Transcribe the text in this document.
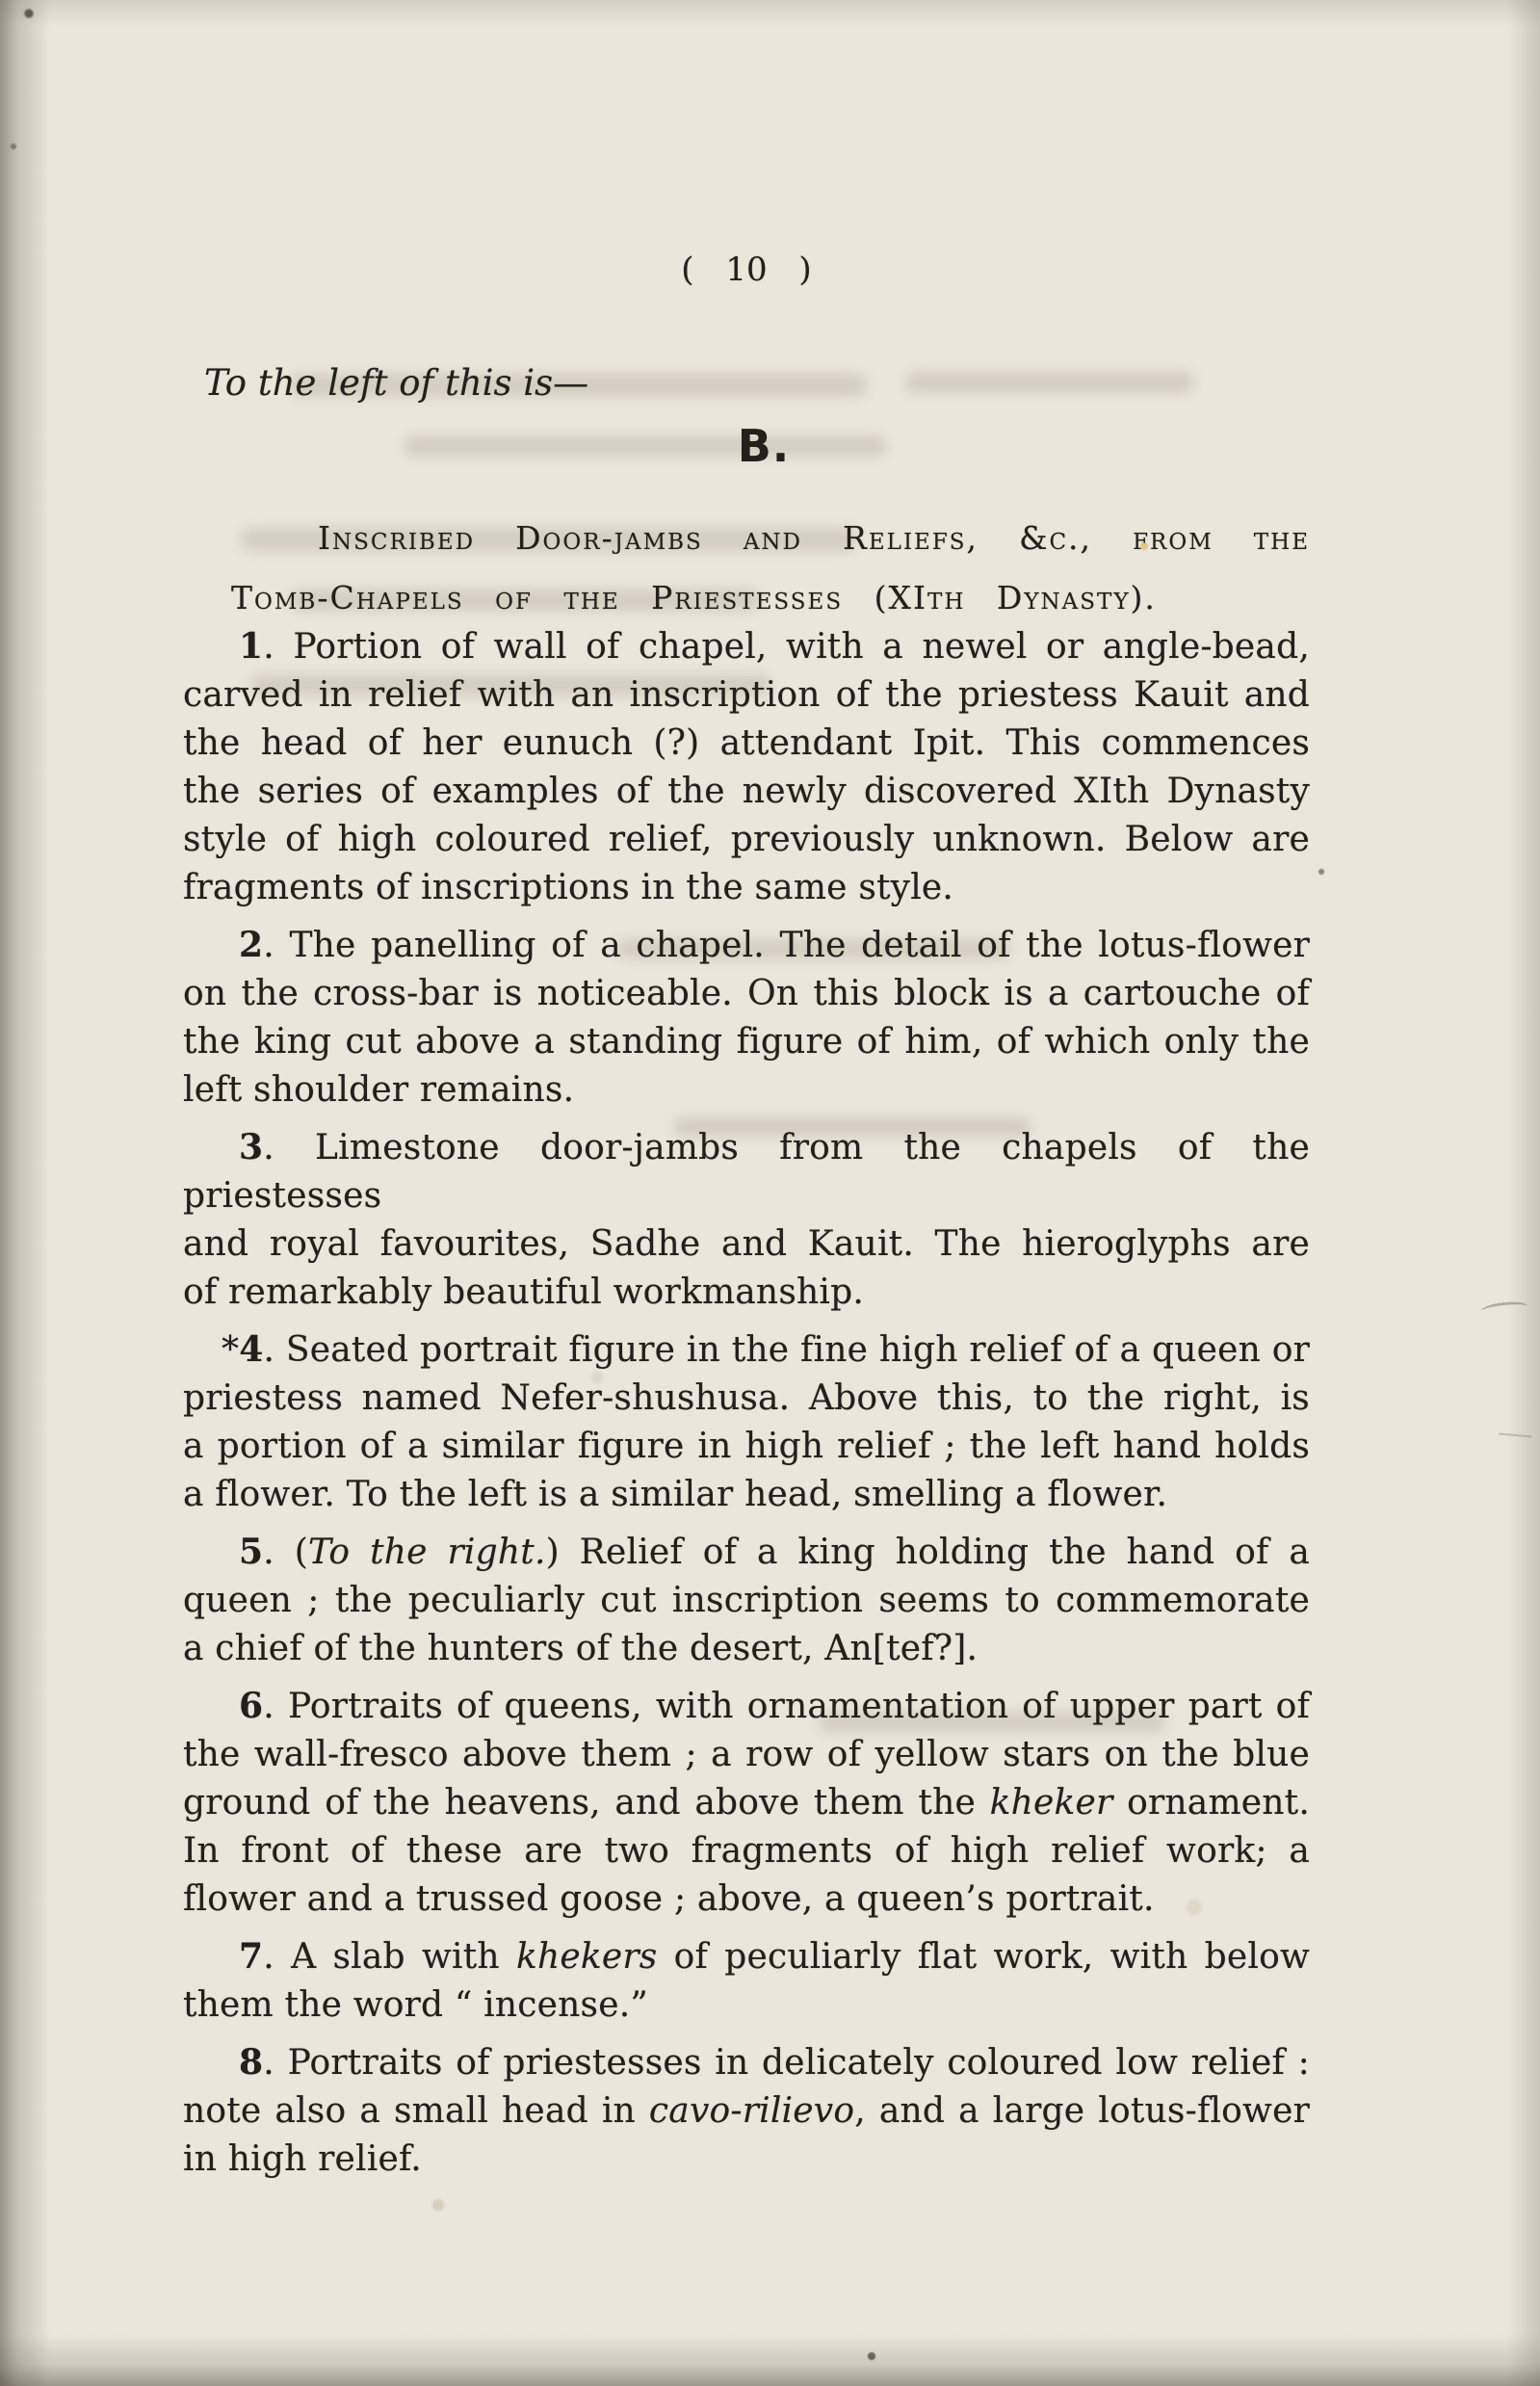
( 10 )
To the left of this is—
B.
Inscribed Door-jambs and Reliefs, &c., from the
Tomb-Chapels of the Priestesses (XIth Dynasty).
1. Portion of wall of chapel, with a newel or angle-bead,
carved in relief with an inscription of the priestess Kauit and
the head of her eunuch (?) attendant Ipit. This commences
the series of examples of the newly discovered XIth Dynasty
style of high coloured relief, previously unknown. Below are
fragments of inscriptions in the same style.
2. The panelling of a chapel. The detail of the lotus-flower
on the cross-bar is noticeable. On this block is a cartouche of
the king cut above a standing figure of him, of which only the
left shoulder remains.
3. Limestone door-jambs from the chapels of the priestesses
and royal favourites, Sadhe and Kauit. The hieroglyphs are
of remarkably beautiful workmanship.
*4. Seated portrait figure in the fine high relief of a queen or
priestess named Nefer-shushusa. Above this, to the right, is
a portion of a similar figure in high relief ; the left hand holds
a flower. To the left is a similar head, smelling a flower.
5. (To the right.) Relief of a king holding the hand of a
queen ; the peculiarly cut inscription seems to commemorate
a chief of the hunters of the desert, An[tef?].
6. Portraits of queens, with ornamentation of upper part of
the wall-fresco above them ; a row of yellow stars on the blue
ground of the heavens, and above them the kheker ornament.
In front of these are two fragments of high relief work; a
flower and a trussed goose ; above, a queen’s portrait.
7. A slab with khekers of peculiarly flat work, with below
them the word “ incense.”
8. Portraits of priestesses in delicately coloured low relief :
note also a small head in cavo-rilievo, and a large lotus-flower
in high relief.
